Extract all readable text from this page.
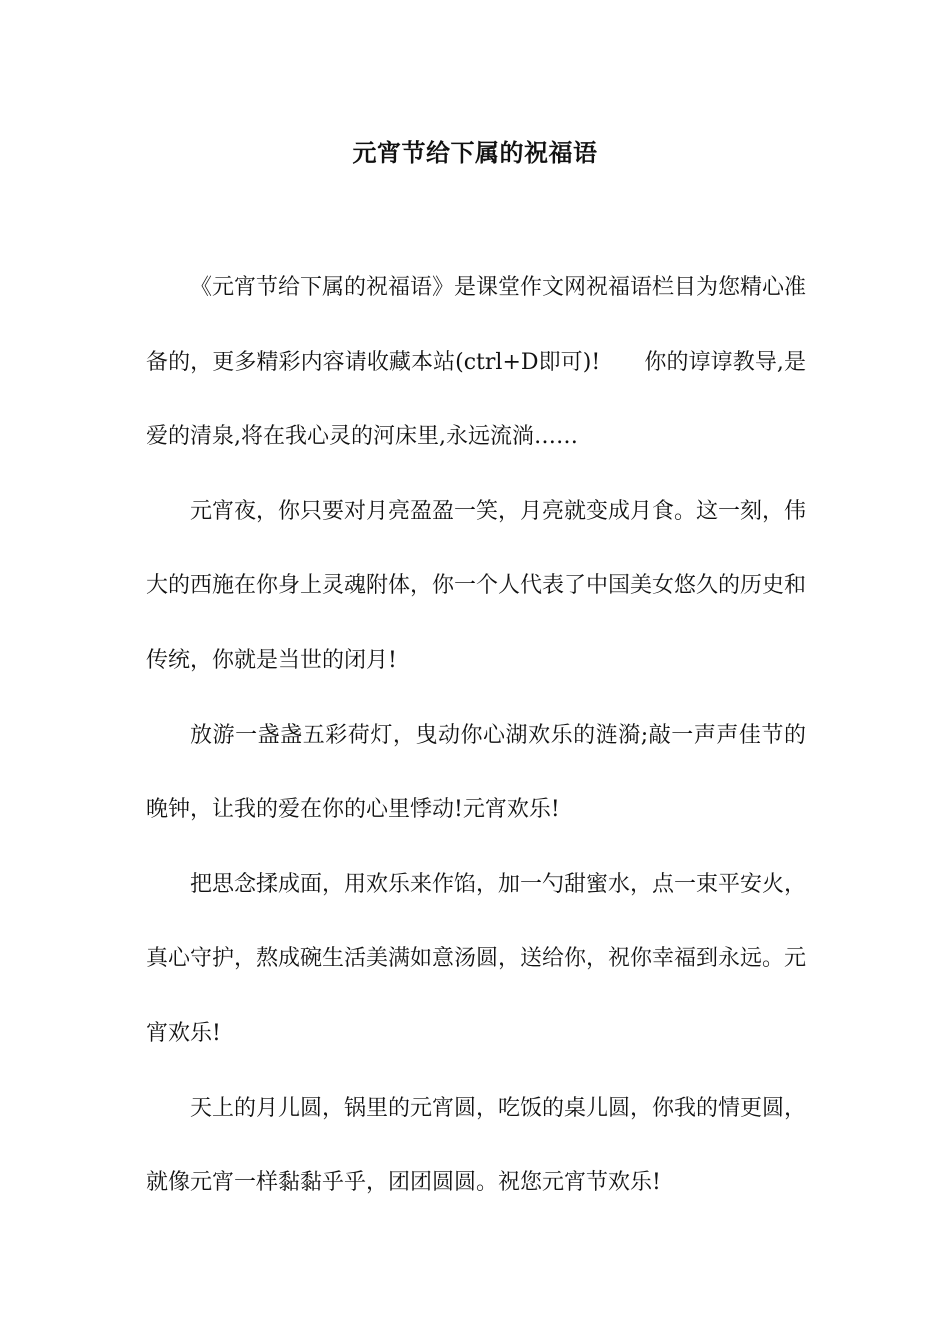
元宵节给下属的祝福语

《元宵节给下属的祝福语》是课堂作文网祝福语栏目为您精心准备的，更多精彩内容请收藏本站(ctrl+D即可)!　　你的谆谆教导,是爱的清泉,将在我心灵的河床里,永远流淌……

元宵夜，你只要对月亮盈盈一笑，月亮就变成月食。这一刻，伟大的西施在你身上灵魂附体，你一个人代表了中国美女悠久的历史和传统，你就是当世的闭月!

放游一盏盏五彩荷灯，曳动你心湖欢乐的涟漪;敲一声声佳节的晚钟，让我的爱在你的心里悸动!元宵欢乐!

把思念揉成面，用欢乐来作馅，加一勺甜蜜水，点一束平安火，真心守护，熬成碗生活美满如意汤圆，送给你，祝你幸福到永远。元宵欢乐!

天上的月儿圆，锅里的元宵圆，吃饭的桌儿圆，你我的情更圆，就像元宵一样黏黏乎乎，团团圆圆。祝您元宵节欢乐!
